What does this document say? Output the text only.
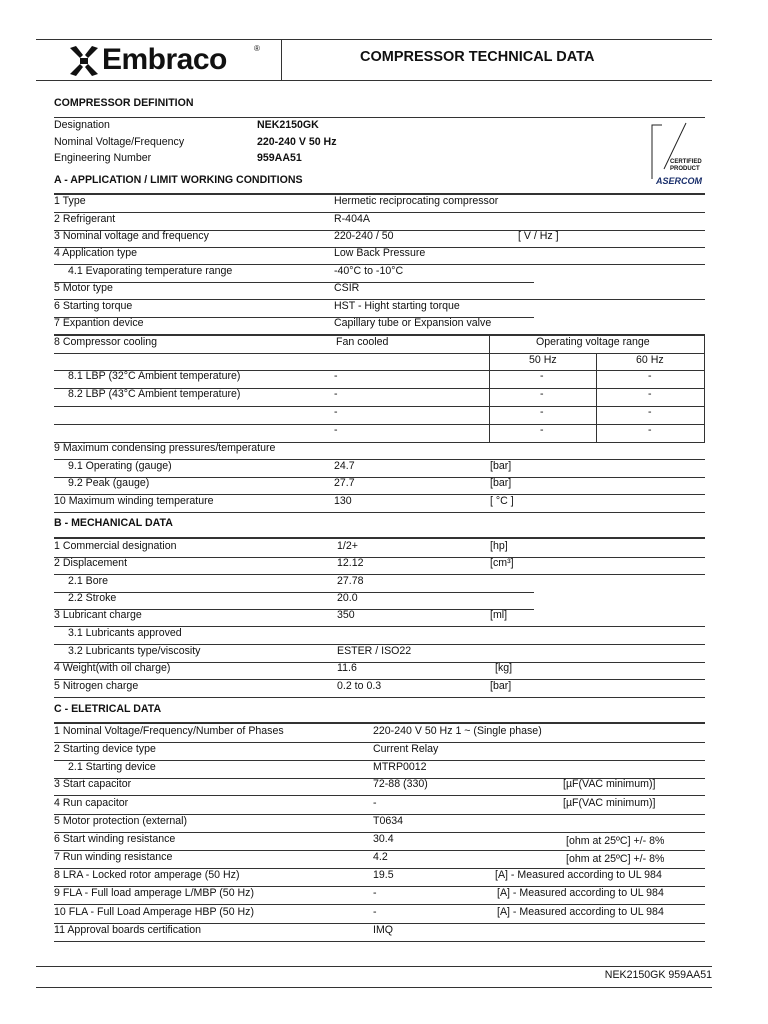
Embraco	®
COMPRESSOR TECHNICAL DATA
COMPRESSOR DEFINITION
Designation	NEK2150GK
Nominal Voltage/Frequency	220-240 V 50 Hz
Engineering Number	959AA51	CERTIFIED
PRODUCT
ASERCOM
A - APPLICATION / LIMIT WORKING CONDITIONS
1 Type	Hermetic reciprocating compressor
2 Refrigerant	R-404A
3 Nominal voltage and frequency	220-240 / 50	[ V / Hz ]
4 Application type	Low Back Pressure
4.1 Evaporating temperature range	-40°C to -10°C
5 Motor type	CSIR
6 Starting torque	HST - Hight starting torque
7 Expantion device	Capillary tube or Expansion valve
8 Compressor cooling	Fan cooled	Operating voltage range
50 Hz	60 Hz
8.1 LBP (32°C Ambient temperature)	-	-	-
8.2 LBP (43°C Ambient temperature)	-	-	-
-	-	-
-	-	-
9 Maximum condensing pressures/temperature
9.1 Operating (gauge)	24.7	[bar]
9.2 Peak (gauge)	27.7	[bar]
10 Maximum winding temperature	130	[ °C ]
B - MECHANICAL DATA
1 Commercial designation	1/2+	[hp]
2 Displacement	12.12	[cm³]
2.1 Bore	27.78
2.2 Stroke	20.0
3 Lubricant charge	350	[ml]
3.1 Lubricants approved
3.2 Lubricants type/viscosity	ESTER / ISO22
4 Weight(with oil charge)	11.6	[kg]
5 Nitrogen charge	0.2 to 0.3	[bar]
C - ELETRICAL DATA
1 Nominal Voltage/Frequency/Number of Phases	220-240 V 50 Hz 1 ~ (Single phase)
2 Starting device type	Current Relay
2.1 Starting device	MTRP0012
3 Start capacitor	72-88 (330)	[µF(VAC minimum)]
4 Run capacitor	-	[µF(VAC minimum)]
5 Motor protection (external)	T0634
6 Start winding resistance	30.4	[ohm at 25ºC] +/- 8%
7 Run winding resistance	4.2	[ohm at 25ºC] +/- 8%
8 LRA - Locked rotor amperage (50 Hz)	19.5	[A] - Measured according to UL 984
9 FLA - Full load amperage L/MBP (50 Hz)	-	[A] - Measured according to UL 984
10 FLA - Full Load Amperage HBP (50 Hz)	-	[A] - Measured according to UL 984
11 Approval boards certification	IMQ
NEK2150GK 959AA51
